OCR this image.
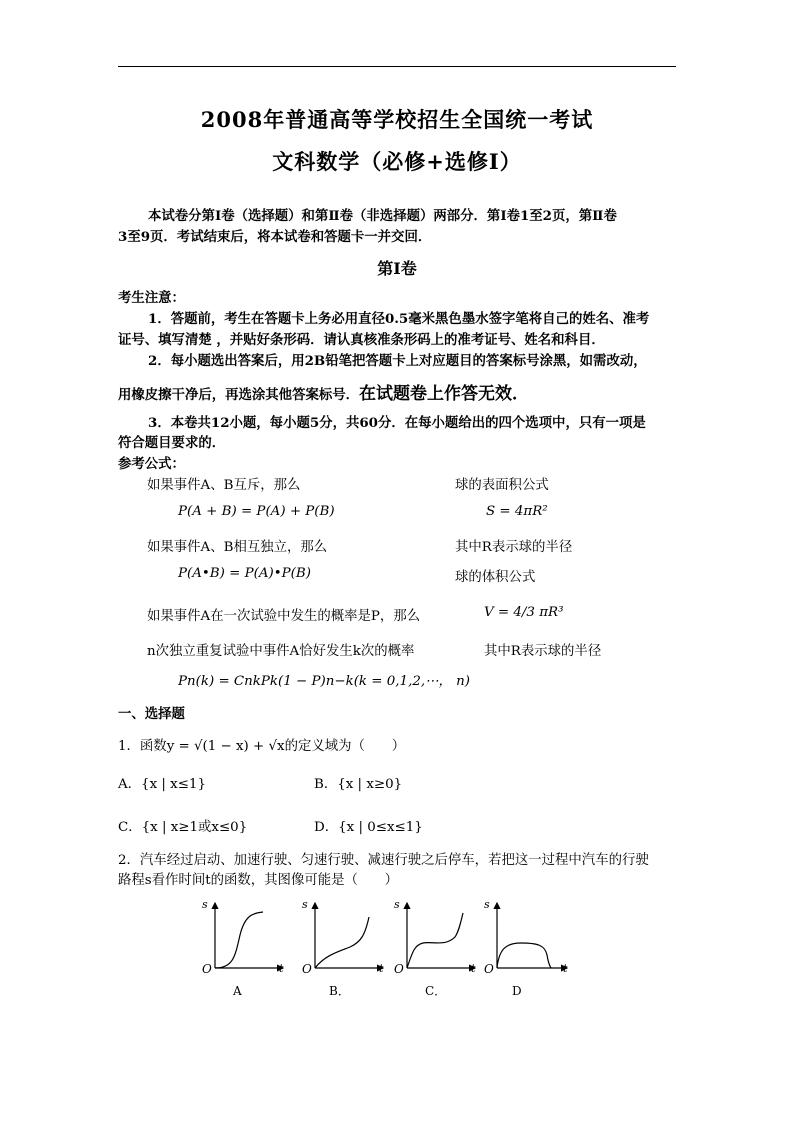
2008年普通高等学校招生全国统一考试
文科数学（必修+选修Ⅰ）
本试卷分第Ⅰ卷（选择题）和第Ⅱ卷（非选择题）两部分．第Ⅰ卷1至2页，第Ⅱ卷
3至9页．考试结束后，将本试卷和答题卡一并交回．
第Ⅰ卷
考生注意：
1．答题前，考生在答题卡上务必用直径0.5毫米黑色墨水签字笔将自己的姓名、准考
证号、填写清楚 ，并贴好条形码．请认真核准条形码上的准考证号、姓名和科目．
2．每小题选出答案后，用2B铅笔把答题卡上对应题目的答案标号涂黑，如需改动，
用橡皮擦干净后，再选涂其他答案标号．在试题卷上作答无效．
3．本卷共12小题，每小题5分，共60分．在每小题给出的四个选项中，只有一项是
符合题目要求的．
参考公式：
如果事件A、B互斥，那么
P(A + B) = P(A) + P(B)
如果事件A、B相互独立，那么
P(A•B) = P(A)•P(B)
如果事件A在一次试验中发生的概率是P，那么
n次独立重复试验中事件A恰好发生k次的概率
Pn(k) = CnkPk(1 − P)n−k(k = 0,1,2,⋯， n)
球的表面积公式
S = 4πR²
其中R表示球的半径
球的体积公式
V = 4/3 πR³
其中R表示球的半径
一、选择题
1．函数y = √(1 − x) + √x的定义域为（　　）
A．{x | x≤1}	B．{x | x≥0}
C．{x | x≥1或x≤0}	D．{x | 0≤x≤1}
2．汽车经过启动、加速行驶、匀速行驶、减速行驶之后停车，若把这一过程中汽车的行驶
路程s看作时间t的函数，其图像可能是（　　）
s
t
O
A
s
t
O
B．
s
t
O
C．
s
t
O
D
